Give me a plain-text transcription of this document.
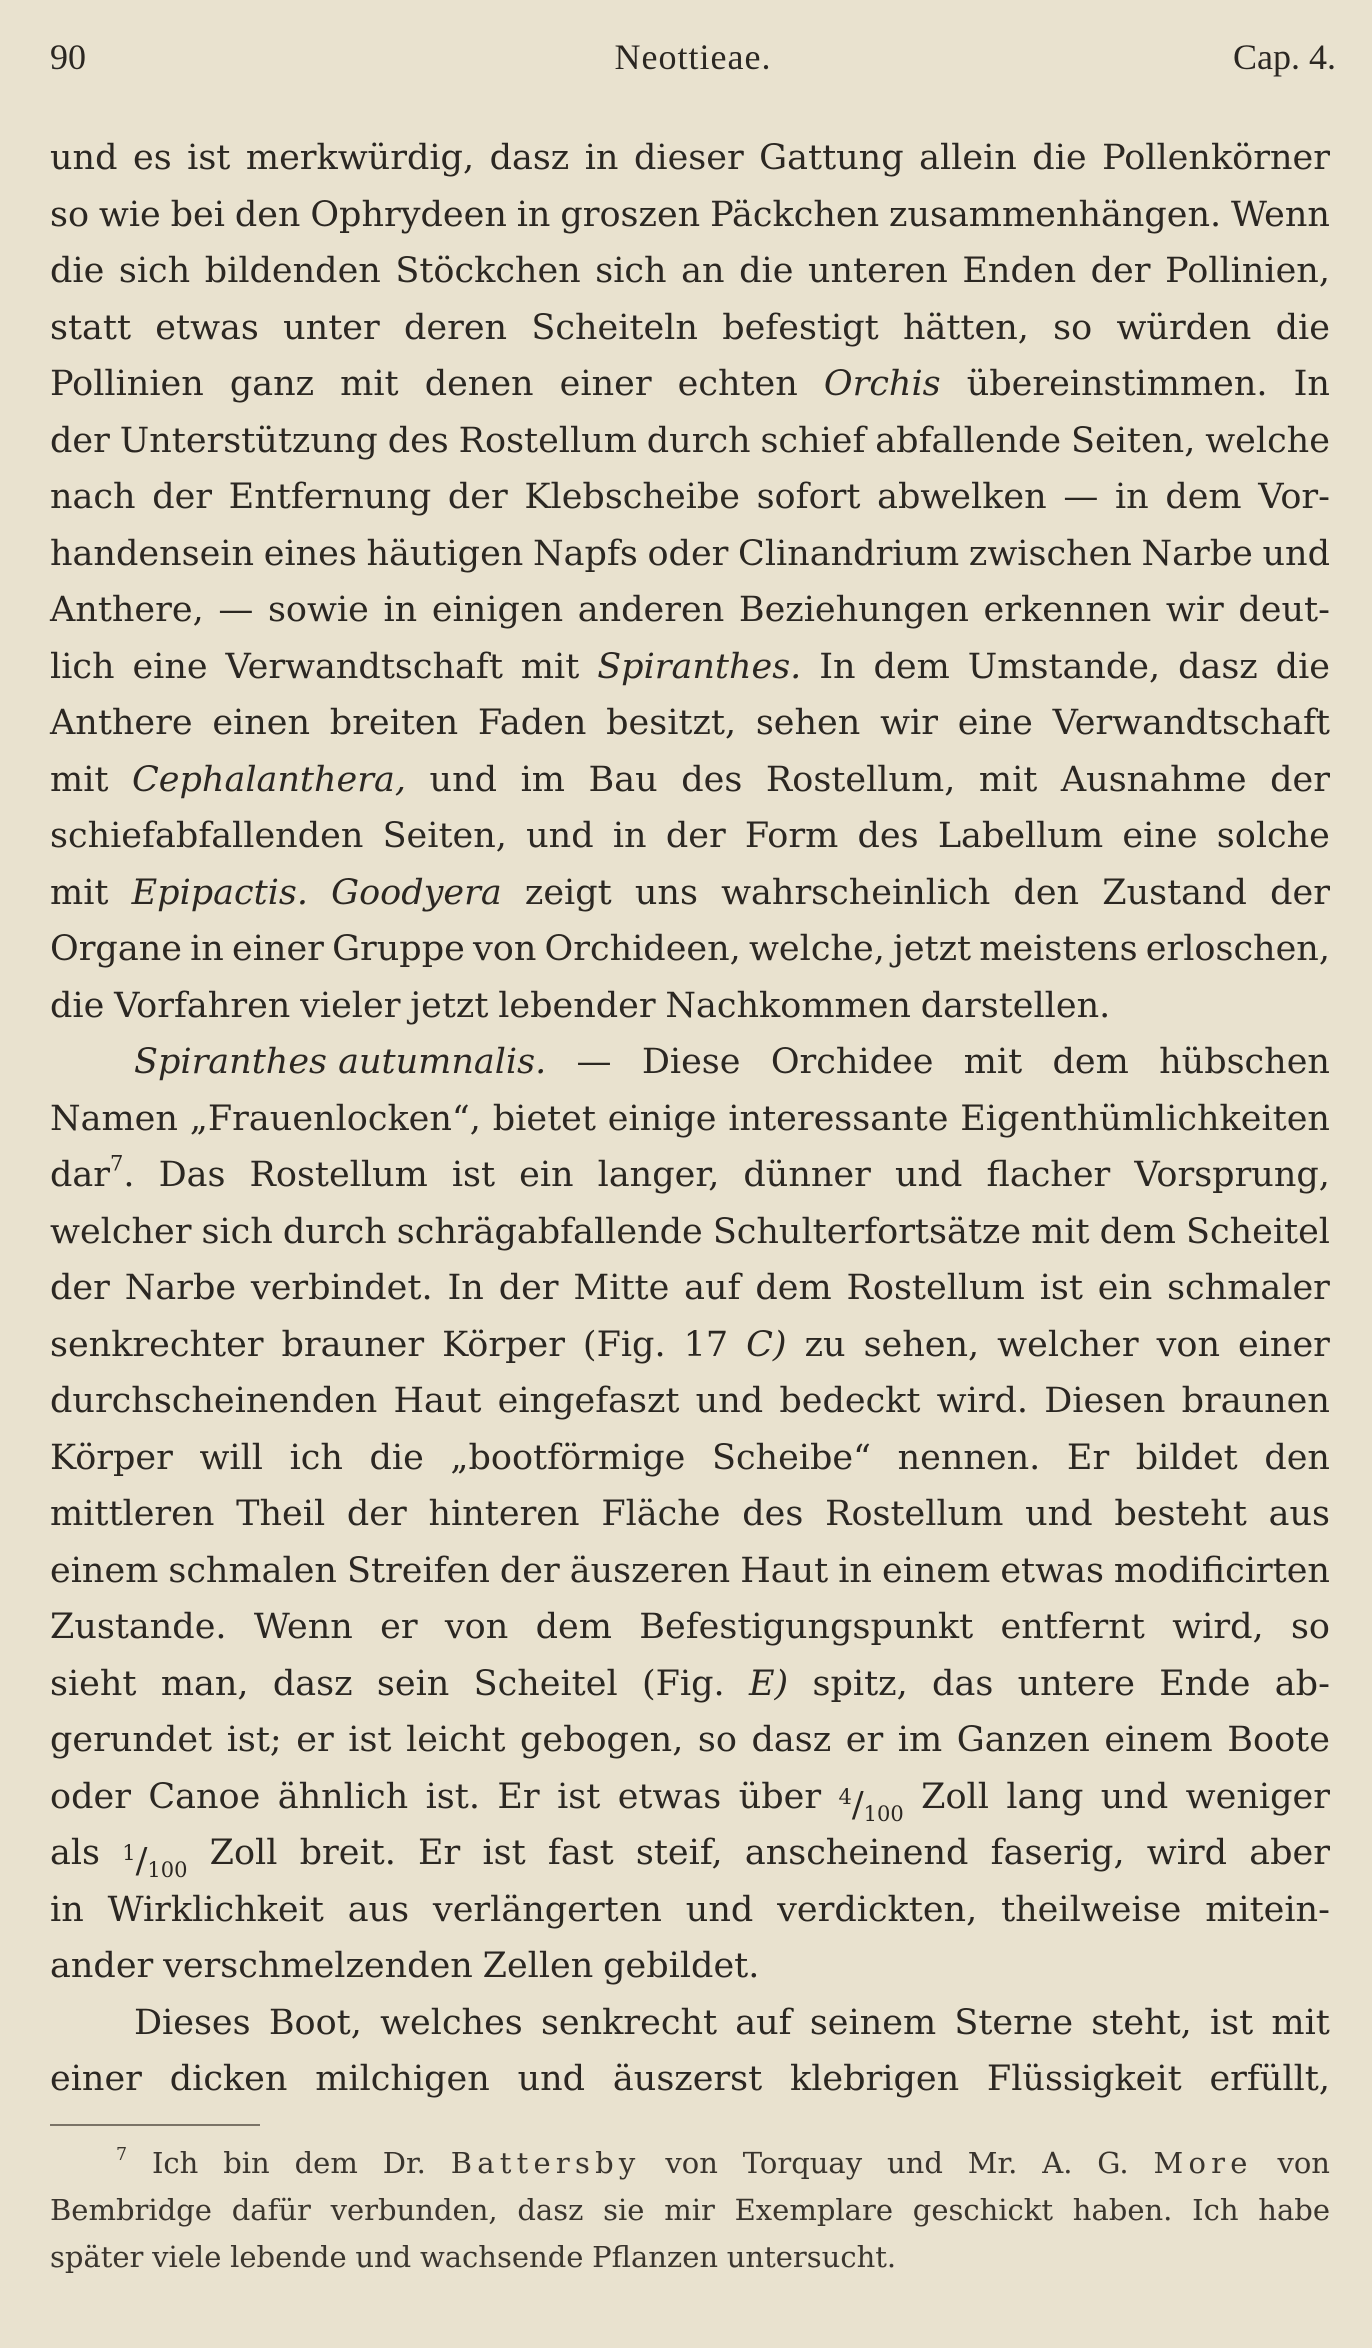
90	Neottieae.	Cap. 4.
und es ist merkwürdig, dasz in dieser Gattung allein die Pollenkörner
so wie bei den Ophrydeen in groszen Päckchen zusammenhängen. Wenn
die sich bildenden Stöckchen sich an die unteren Enden der Pollinien,
statt etwas unter deren Scheiteln befestigt hätten, so würden die
Pollinien ganz mit denen einer echten Orchis übereinstimmen. In
der Unterstützung des Rostellum durch schief abfallende Seiten, welche
nach der Entfernung der Klebscheibe sofort abwelken — in dem Vor-
handensein eines häutigen Napfs oder Clinandrium zwischen Narbe und
Anthere, — sowie in einigen anderen Beziehungen erkennen wir deut-
lich eine Verwandtschaft mit Spiranthes. In dem Umstande, dasz die
Anthere einen breiten Faden besitzt, sehen wir eine Verwandtschaft
mit Cephalanthera, und im Bau des Rostellum, mit Ausnahme der
schiefabfallenden Seiten, und in der Form des Labellum eine solche
mit Epipactis. Goodyera zeigt uns wahrscheinlich den Zustand der
Organe in einer Gruppe von Orchideen, welche, jetzt meistens erloschen,
die Vorfahren vieler jetzt lebender Nachkommen darstellen.
Spiranthes autumnalis. — Diese Orchidee mit dem hübschen
Namen „Frauenlocken“, bietet einige interessante Eigenthümlichkeiten
dar$^7$. Das Rostellum ist ein langer, dünner und flacher Vorsprung,
welcher sich durch schrägabfallende Schulterfortsätze mit dem Scheitel
der Narbe verbindet. In der Mitte auf dem Rostellum ist ein schmaler
senkrechter brauner Körper (Fig. 17 C) zu sehen, welcher von einer
durchscheinenden Haut eingefaszt und bedeckt wird. Diesen braunen
Körper will ich die „bootförmige Scheibe“ nennen. Er bildet den
mittleren Theil der hinteren Fläche des Rostellum und besteht aus
einem schmalen Streifen der äuszeren Haut in einem etwas modificirten
Zustande. Wenn er von dem Befestigungspunkt entfernt wird, so
sieht man, dasz sein Scheitel (Fig. E) spitz, das untere Ende ab-
gerundet ist; er ist leicht gebogen, so dasz er im Ganzen einem Boote
oder Canoe ähnlich ist. Er ist etwas über $^4$/100 Zoll lang und weniger
als $^1$/100 Zoll breit. Er ist fast steif, anscheinend faserig, wird aber
in Wirklichkeit aus verlängerten und verdickten, theilweise mitein-
ander verschmelzenden Zellen gebildet.
Dieses Boot, welches senkrecht auf seinem Sterne steht, ist mit
einer dicken milchigen und äuszerst klebrigen Flüssigkeit erfüllt,
$^7$ Ich bin dem Dr. Battersby von Torquay und Mr. A. G. More von
Bembridge dafür verbunden, dasz sie mir Exemplare geschickt haben. Ich habe
später viele lebende und wachsende Pflanzen untersucht.
